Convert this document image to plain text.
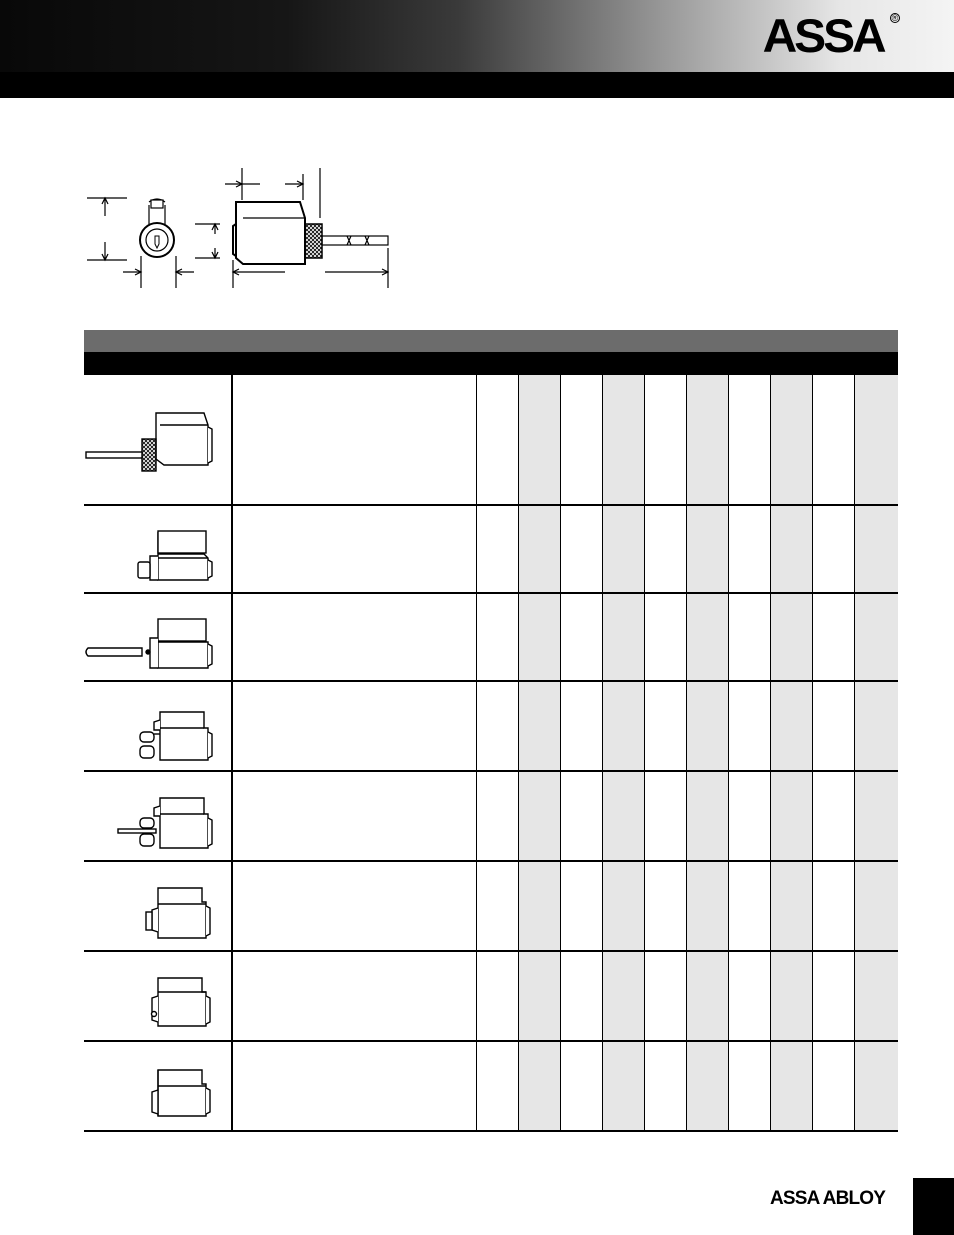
ASSA ®
ASSA ABLOY
